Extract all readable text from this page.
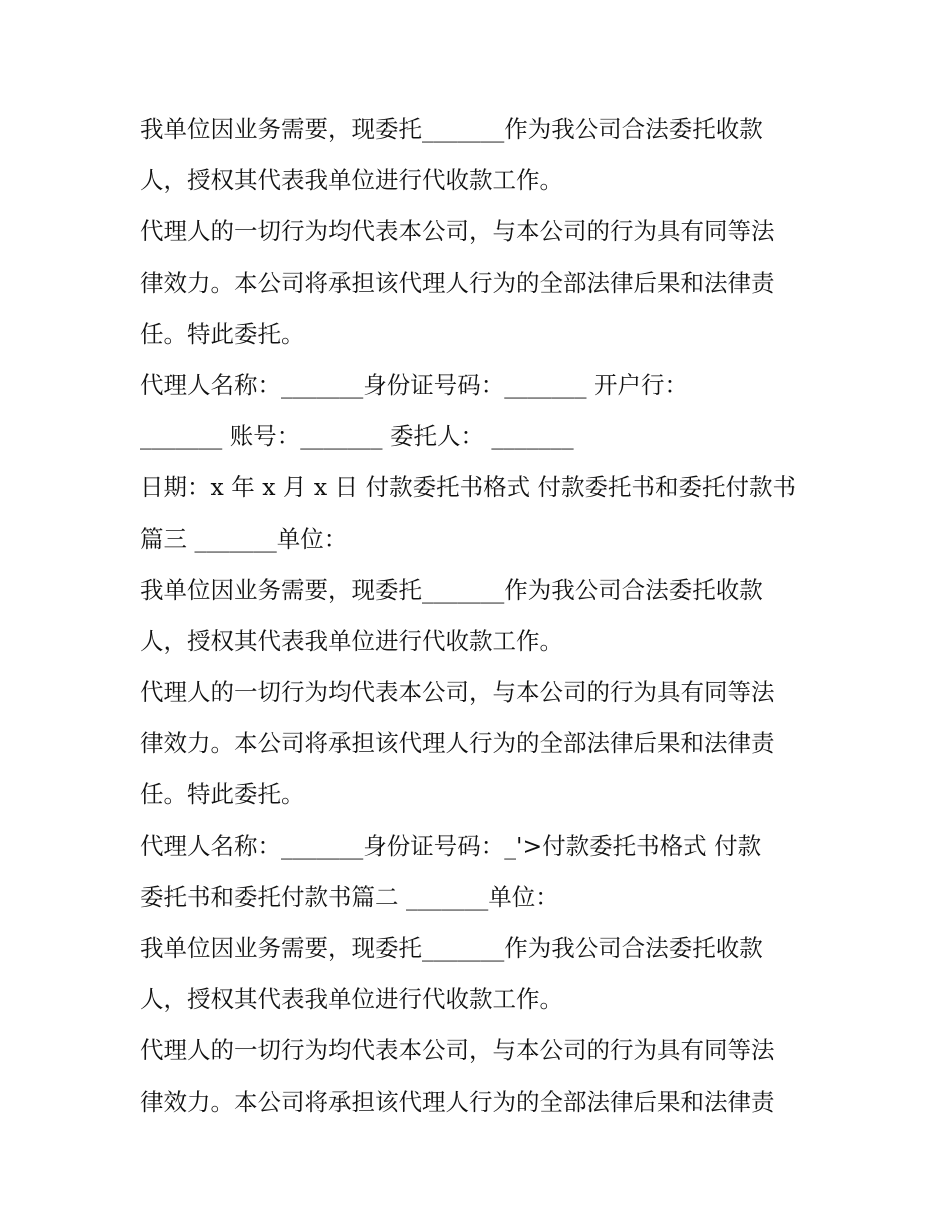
我单位因业务需要，现委托_______作为我公司合法委托收款
人，授权其代表我单位进行代收款工作。
代理人的一切行为均代表本公司，与本公司的行为具有同等法
律效力。本公司将承担该代理人行为的全部法律后果和法律责
任。特此委托。
代理人名称：_______身份证号码：_______ 开户行：
_______ 账号：_______ 委托人： _______
日期：x 年 x 月 x 日 付款委托书格式 付款委托书和委托付款书
篇三 _______单位：
我单位因业务需要，现委托_______作为我公司合法委托收款
人，授权其代表我单位进行代收款工作。
代理人的一切行为均代表本公司，与本公司的行为具有同等法
律效力。本公司将承担该代理人行为的全部法律后果和法律责
任。特此委托。
代理人名称：_______身份证号码：_'>付款委托书格式 付款
委托书和委托付款书篇二 _______单位：
我单位因业务需要，现委托_______作为我公司合法委托收款
人，授权其代表我单位进行代收款工作。
代理人的一切行为均代表本公司，与本公司的行为具有同等法
律效力。本公司将承担该代理人行为的全部法律后果和法律责
